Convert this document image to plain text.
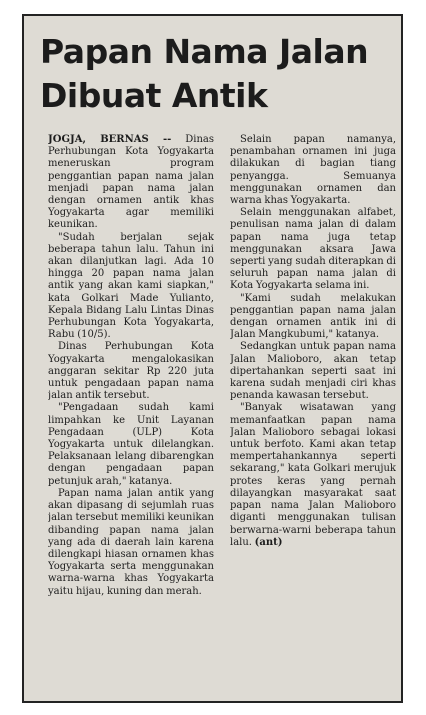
Papan Nama Jalan Dibuat Antik

JOGJA, BERNAS -- Dinas Perhubungan Kota Yogyakarta meneruskan program penggantian papan nama jalan menjadi papan nama jalan dengan ornamen antik khas Yogyakarta agar memiliki keunikan.

"Sudah berjalan sejak beberapa tahun lalu. Tahun ini akan dilanjutkan lagi. Ada 10 hingga 20 papan nama jalan antik yang akan kami siapkan," kata Golkari Made Yulianto, Kepala Bidang Lalu Lintas Dinas Perhubungan Kota Yogyakarta, Rabu (10/5).

Dinas Perhubungan Kota Yogyakarta mengalokasikan anggaran sekitar Rp 220 juta untuk pengadaan papan nama jalan antik tersebut.

"Pengadaan sudah kami limpahkan ke Unit Layanan Pengadaan (ULP) Kota Yogyakarta untuk dilelangkan. Pelaksanaan lelang dibarengkan dengan pengadaan papan petunjuk arah," katanya.

Papan nama jalan antik yang akan dipasang di sejumlah ruas jalan tersebut memiliki keunikan dibanding papan nama jalan yang ada di daerah lain karena dilengkapi hiasan ornamen khas Yogyakarta serta menggunakan warna-warna khas Yogyakarta yaitu hijau, kuning dan merah.

Selain papan namanya, penambahan ornamen ini juga dilakukan di bagian tiang penyangga. Semuanya menggunakan ornamen dan warna khas Yogyakarta.

Selain menggunakan alfabet, penulisan nama jalan di dalam papan nama juga tetap menggunakan aksara Jawa seperti yang sudah diterapkan di seluruh papan nama jalan di Kota Yogyakarta selama ini.

"Kami sudah melakukan penggantian papan nama jalan dengan ornamen antik ini di Jalan Mangkubumi," katanya.

Sedangkan untuk papan nama Jalan Malioboro, akan tetap dipertahankan seperti saat ini karena sudah menjadi ciri khas penanda kawasan tersebut.

"Banyak wisatawan yang memanfaatkan papan nama Jalan Malioboro sebagai lokasi untuk berfoto. Kami akan tetap mempertahankannya seperti sekarang," kata Golkari merujuk protes keras yang pernah dilayangkan masyarakat saat papan nama Jalan Malioboro diganti menggunakan tulisan berwarna-warni beberapa tahun lalu. (ant)
